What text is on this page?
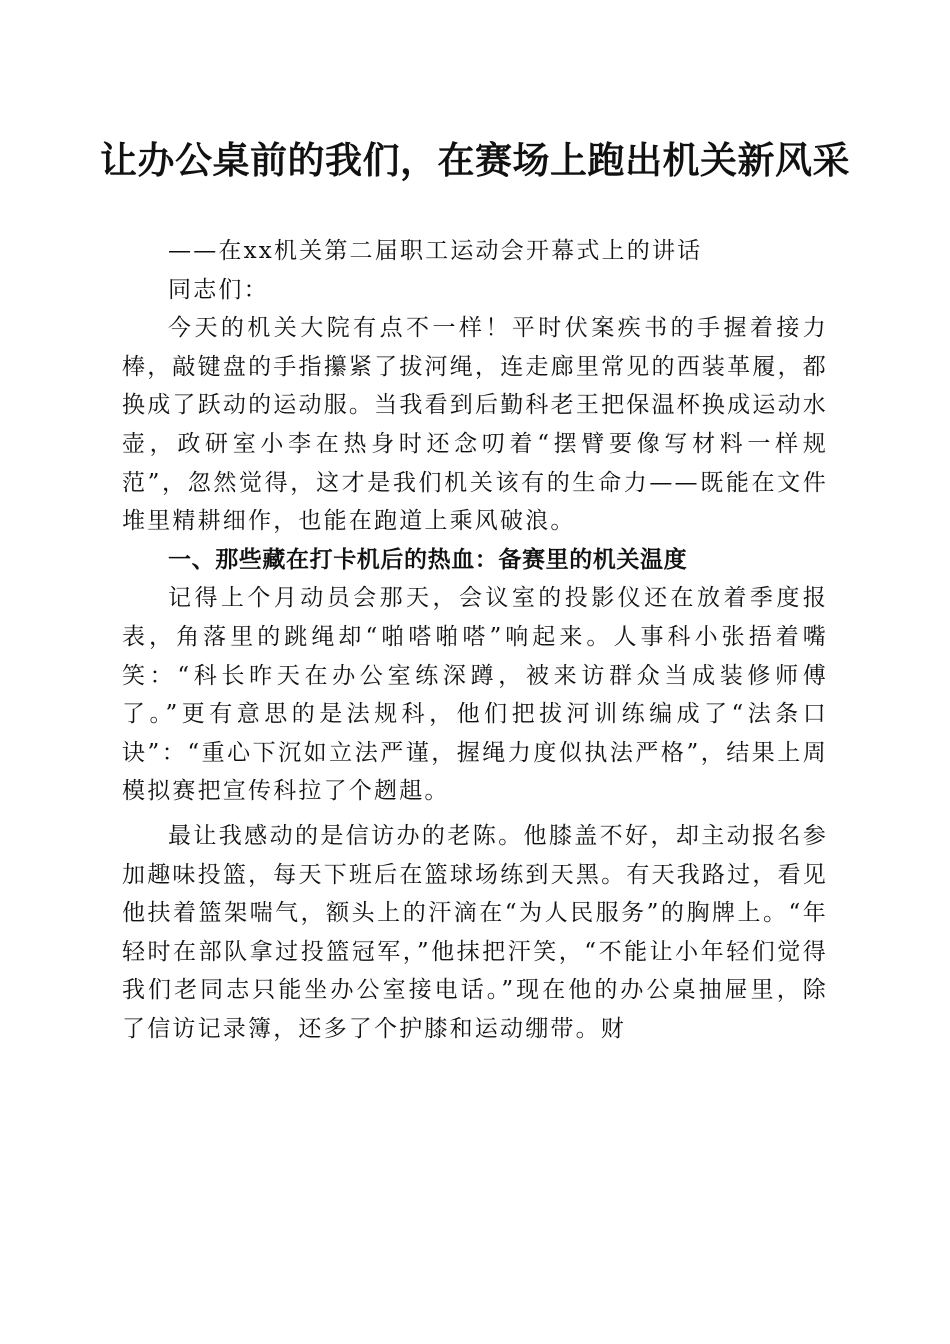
让办公桌前的我们，在赛场上跑出机关新风采

——在xx机关第二届职工运动会开幕式上的讲话

同志们：

今天的机关大院有点不一样！平时伏案疾书的手握着接力棒，敲键盘的手指攥紧了拔河绳，连走廊里常见的西装革履，都换成了跃动的运动服。当我看到后勤科老王把保温杯换成运动水壶，政研室小李在热身时还念叨着“摆臂要像写材料一样规范”，忽然觉得，这才是我们机关该有的生命力——既能在文件堆里精耕细作，也能在跑道上乘风破浪。

一、那些藏在打卡机后的热血：备赛里的机关温度

记得上个月动员会那天，会议室的投影仪还在放着季度报表，角落里的跳绳却“啪嗒啪嗒”响起来。人事科小张捂着嘴笑：“科长昨天在办公室练深蹲，被来访群众当成装修师傅了。”更有意思的是法规科，他们把拔河训练编成了“法条口诀”：“重心下沉如立法严谨，握绳力度似执法严格”，结果上周模拟赛把宣传科拉了个趔趄。

最让我感动的是信访办的老陈。他膝盖不好，却主动报名参加趣味投篮，每天下班后在篮球场练到天黑。有天我路过，看见他扶着篮架喘气，额头上的汗滴在“为人民服务”的胸牌上。“年轻时在部队拿过投篮冠军，”他抹把汗笑，“不能让小年轻们觉得我们老同志只能坐办公室接电话。”现在他的办公桌抽屉里，除了信访记录簿，还多了个护膝和运动绷带。财
